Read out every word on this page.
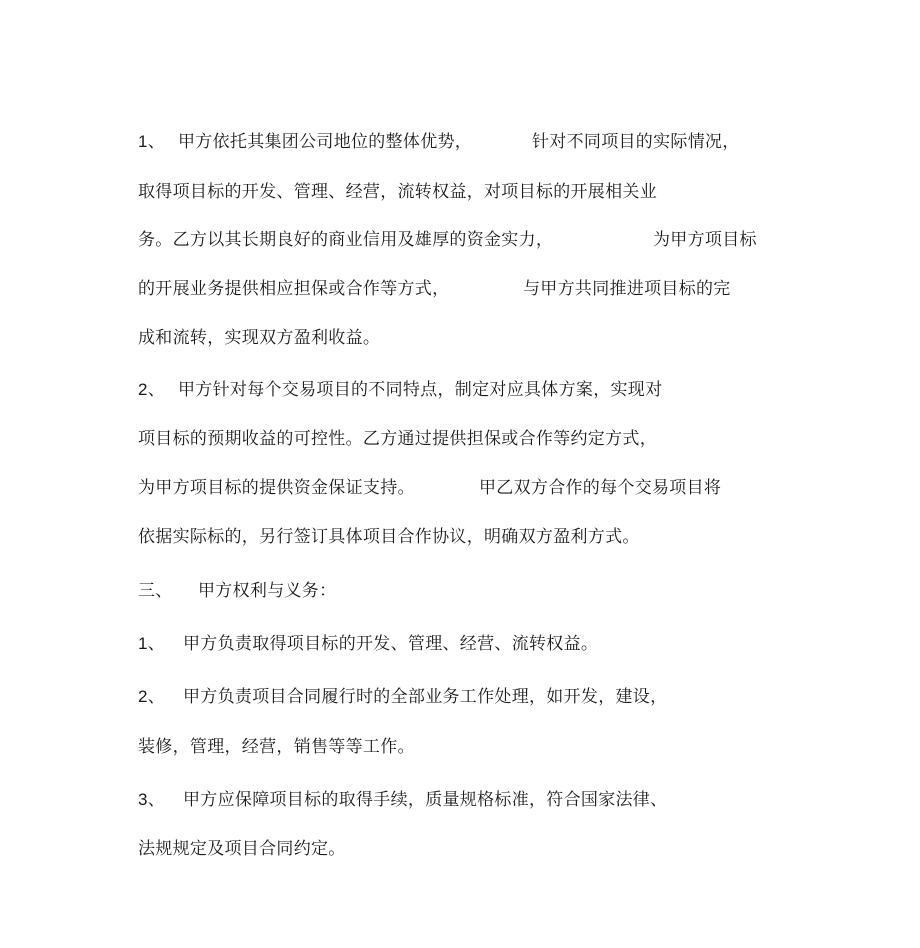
1、 甲方依托其集团公司地位的整体优势，	针对不同项目的实际情况，
取得项目标的开发、管理、经营，流转权益，对项目标的开展相关业
务。乙方以其长期良好的商业信用及雄厚的资金实力，	为甲方项目标
的开展业务提供相应担保或合作等方式，	与甲方共同推进项目标的完
成和流转，实现双方盈利收益。
2、 甲方针对每个交易项目的不同特点，制定对应具体方案，实现对
项目标的预期收益的可控性。乙方通过提供担保或合作等约定方式，
为甲方项目标的提供资金保证支持。	甲乙双方合作的每个交易项目将
依据实际标的，另行签订具体项目合作协议，明确双方盈利方式。
三、 甲方权利与义务：
1、 甲方负责取得项目标的开发、管理、经营、流转权益。
2、 甲方负责项目合同履行时的全部业务工作处理，如开发，建设，
装修，管理，经营，销售等等工作。
3、 甲方应保障项目标的取得手续，质量规格标准，符合国家法律、
法规规定及项目合同约定。
